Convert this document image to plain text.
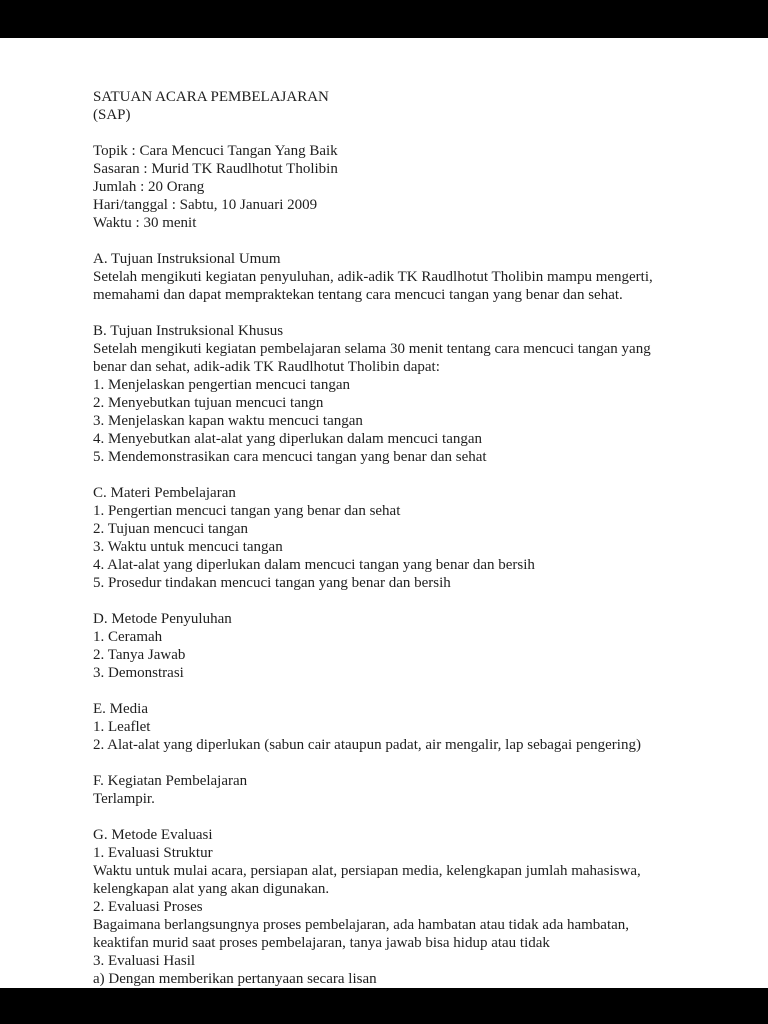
SATUAN ACARA PEMBELAJARAN
(SAP)
Topik : Cara Mencuci Tangan Yang Baik
Sasaran : Murid TK Raudlhotut Tholibin
Jumlah : 20 Orang
Hari/tanggal : Sabtu, 10 Januari 2009
Waktu : 30 menit
A. Tujuan Instruksional Umum
Setelah mengikuti kegiatan penyuluhan, adik-adik TK Raudlhotut Tholibin mampu mengerti,
memahami dan dapat mempraktekan tentang cara mencuci tangan yang benar dan sehat.
B. Tujuan Instruksional Khusus
Setelah mengikuti kegiatan pembelajaran selama 30 menit tentang cara mencuci tangan yang
benar dan sehat, adik-adik TK Raudlhotut Tholibin dapat:
1. Menjelaskan pengertian mencuci tangan
2. Menyebutkan tujuan mencuci tangn
3. Menjelaskan kapan waktu mencuci tangan
4. Menyebutkan alat-alat yang diperlukan dalam mencuci tangan
5. Mendemonstrasikan cara mencuci tangan yang benar dan sehat
C. Materi Pembelajaran
1. Pengertian mencuci tangan yang benar dan sehat
2. Tujuan mencuci tangan
3. Waktu untuk mencuci tangan
4. Alat-alat yang diperlukan dalam mencuci tangan yang benar dan bersih
5. Prosedur tindakan mencuci tangan yang benar dan bersih
D. Metode Penyuluhan
1. Ceramah
2. Tanya Jawab
3. Demonstrasi
E. Media
1. Leaflet
2. Alat-alat yang diperlukan (sabun cair ataupun padat, air mengalir, lap sebagai pengering)
F. Kegiatan Pembelajaran
Terlampir.
G. Metode Evaluasi
1. Evaluasi Struktur
Waktu untuk mulai acara, persiapan alat, persiapan media, kelengkapan jumlah mahasiswa,
kelengkapan alat yang akan digunakan.
2. Evaluasi Proses
Bagaimana berlangsungnya proses pembelajaran, ada hambatan atau tidak ada hambatan,
keaktifan murid saat proses pembelajaran, tanya jawab bisa hidup atau tidak
3. Evaluasi Hasil
a) Dengan memberikan pertanyaan secara lisan
